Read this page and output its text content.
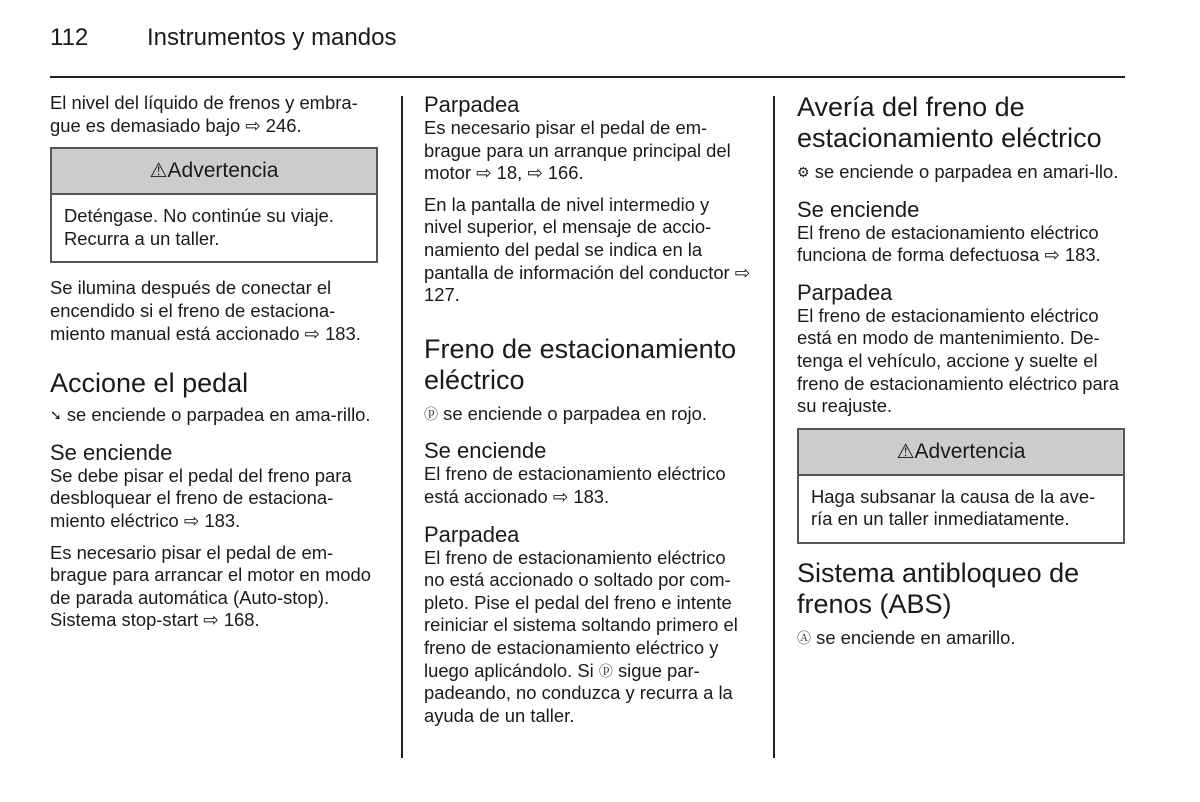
112 Instrumentos y mandos

El nivel del líquido de frenos y embra-gue es demasiado bajo ⇨ 246.

⚠Advertencia
Deténgase. No continúe su viaje. Recurra a un taller.

Se ilumina después de conectar el encendido si el freno de estaciona-miento manual está accionado ⇨ 183.

Accione el pedal

➘ se enciende o parpadea en ama-rillo.

Se enciende

Se debe pisar el pedal del freno para desbloquear el freno de estaciona-miento eléctrico ⇨ 183.

Es necesario pisar el pedal de em-brague para arrancar el motor en modo de parada automática (Auto-stop). Sistema stop-start ⇨ 168.

Parpadea

Es necesario pisar el pedal de em-brague para un arranque principal del motor ⇨ 18, ⇨ 166.

En la pantalla de nivel intermedio y nivel superior, el mensaje de accio-namiento del pedal se indica en la pantalla de información del conductor ⇨ 127.

Freno de estacionamiento eléctrico

ⓟ se enciende o parpadea en rojo.

Se enciende

El freno de estacionamiento eléctrico está accionado ⇨ 183.

Parpadea

El freno de estacionamiento eléctrico no está accionado o soltado por com-pleto. Pise el pedal del freno e intente reiniciar el sistema soltando primero el freno de estacionamiento eléctrico y luego aplicándolo. Si ⓟ sigue par-padeando, no conduzca y recurra a la ayuda de un taller.

Avería del freno de estacionamiento eléctrico

⚙ se enciende o parpadea en amari-llo.

Se enciende

El freno de estacionamiento eléctrico funciona de forma defectuosa ⇨ 183.

Parpadea

El freno de estacionamiento eléctrico está en modo de mantenimiento. De-tenga el vehículo, accione y suelte el freno de estacionamiento eléctrico para su reajuste.

⚠Advertencia
Haga subsanar la causa de la ave-ría en un taller inmediatamente.
Sistema antibloqueo de frenos (ABS)

Ⓐ se enciende en amarillo.
